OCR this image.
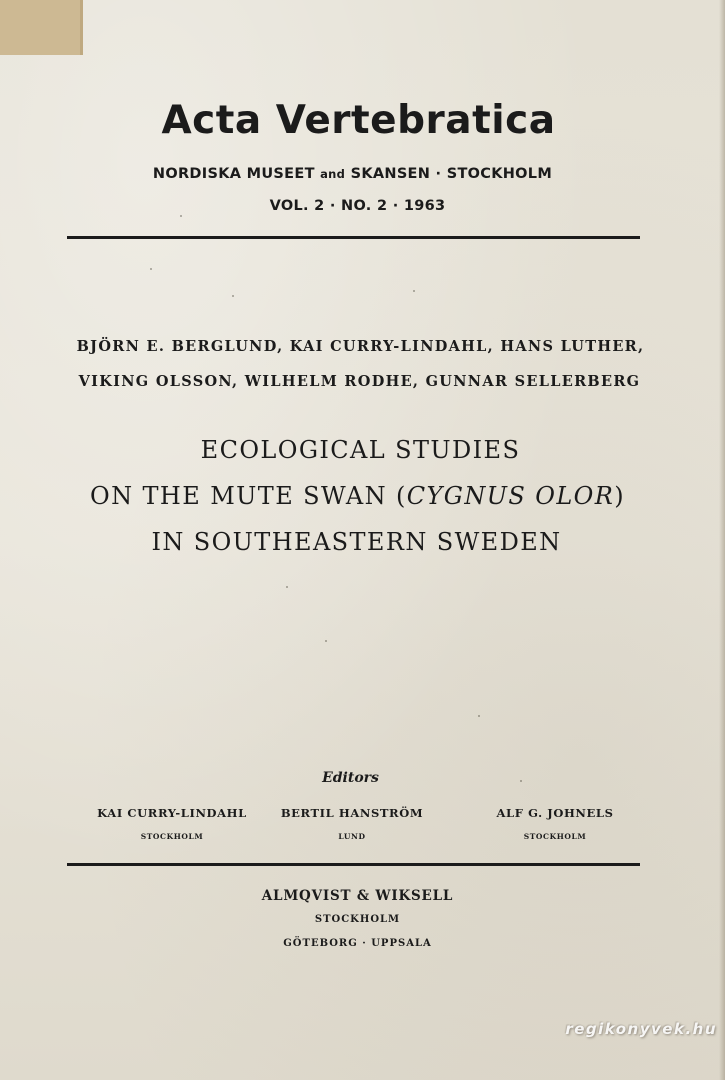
Acta Vertebratica
NORDISKA MUSEET and SKANSEN · STOCKHOLM
VOL. 2 · NO. 2 · 1963
BJÖRN E. BERGLUND, KAI CURRY-LINDAHL, HANS LUTHER,
VIKING OLSSON, WILHELM RODHE, GUNNAR SELLERBERG
ECOLOGICAL STUDIES
ON THE MUTE SWAN (CYGNUS OLOR)
IN SOUTHEASTERN SWEDEN
Editors
KAI CURRY-LINDAHL
STOCKHOLM
BERTIL HANSTRÖM
LUND
ALF G. JOHNELS
STOCKHOLM
ALMQVIST & WIKSELL
STOCKHOLM
GÖTEBORG · UPPSALA
regikonyvek.hu
